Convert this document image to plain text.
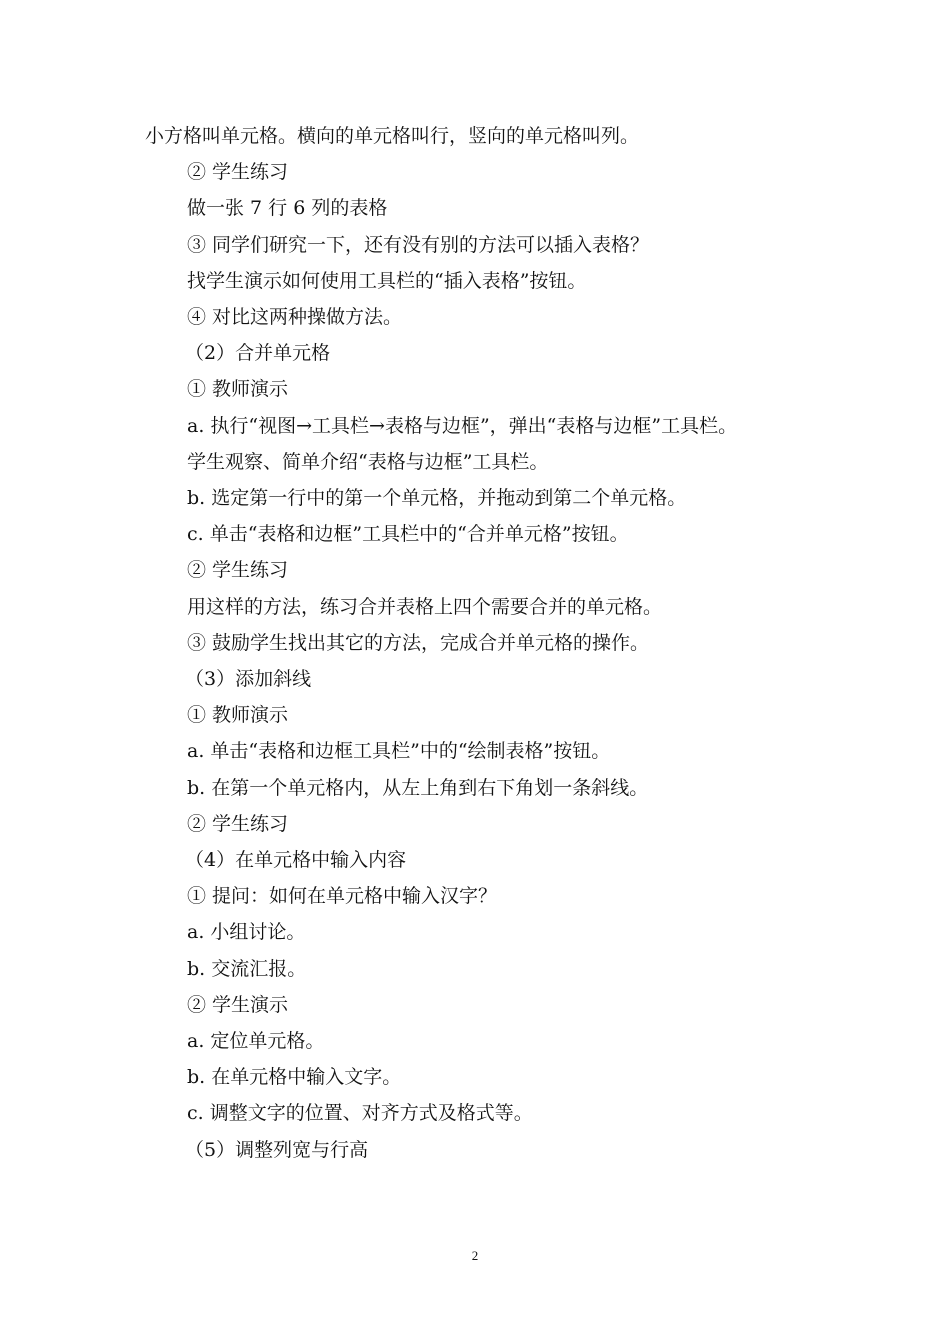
小方格叫单元格。横向的单元格叫行，竖向的单元格叫列。
② 学生练习
做一张 7 行 6 列的表格
③ 同学们研究一下，还有没有别的方法可以插入表格？
找学生演示如何使用工具栏的“插入表格”按钮。
④ 对比这两种操做方法。
（2）合并单元格
① 教师演示
a. 执行“视图→工具栏→表格与边框”，弹出“表格与边框”工具栏。
学生观察、简单介绍“表格与边框”工具栏。
b. 选定第一行中的第一个单元格，并拖动到第二个单元格。
c. 单击“表格和边框”工具栏中的“合并单元格”按钮。
② 学生练习
用这样的方法，练习合并表格上四个需要合并的单元格。
③ 鼓励学生找出其它的方法，完成合并单元格的操作。
（3）添加斜线
① 教师演示
a. 单击“表格和边框工具栏”中的“绘制表格”按钮。
b. 在第一个单元格内，从左上角到右下角划一条斜线。
② 学生练习
（4）在单元格中输入内容
① 提问：如何在单元格中输入汉字？
a. 小组讨论。
b. 交流汇报。
② 学生演示
a. 定位单元格。
b. 在单元格中输入文字。
c. 调整文字的位置、对齐方式及格式等。
（5）调整列宽与行高
2
